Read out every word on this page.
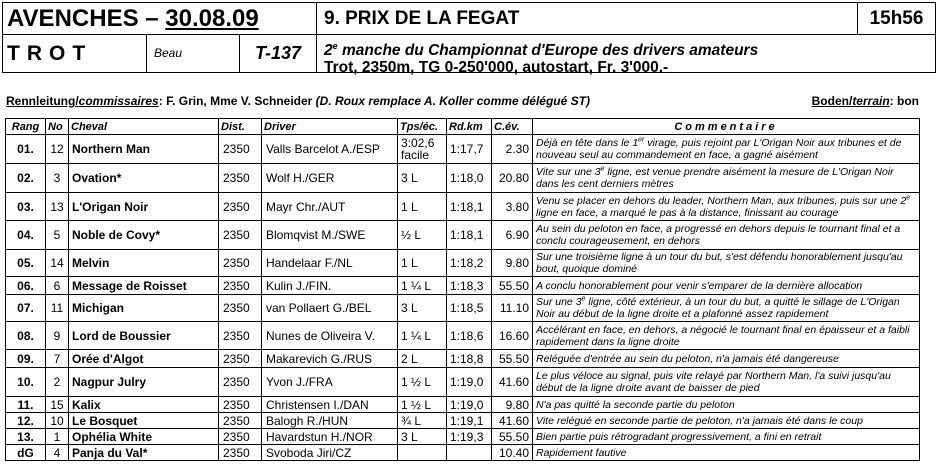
AVENCHES – 30.08.09	9. PRIX DE LA FEGAT	15h56
TROT	Beau	T-137	2e manche du Championnat d'Europe des drivers amateurs
Trot, 2350m, TG 0-250'000, autostart, Fr. 3'000.-
Rennleitung/commissaires: F. Grin, Mme V. Schneider (D. Roux remplace A. Koller comme délégué ST)	Boden/terrain: bon
Rang	No	Cheval	Dist.	Driver	Tps/éc.	Rd.km	C.év.	Commentaire
01.	12	Northern Man	2350	Valls Barcelot A./ESP	3:02,6 facile	1:17,7	2.30	Déjà en tête dans le 1er virage, puis rejoint par L'Origan Noir aux tribunes et de nouveau seul au commandement en face, a gagné aisément
02.	3	Ovation*	2350	Wolf H./GER	3 L	1:18,0	20.80	Vite sur une 3e ligne, est venue prendre aisément la mesure de L'Origan Noir dans les cent derniers mètres
03.	13	L'Origan Noir	2350	Mayr Chr./AUT	1 L	1:18,1	3.80	Venu se placer en dehors du leader, Northern Man, aux tribunes, puis sur une 2e ligne en face, a marqué le pas à la distance, finissant au courage
04.	5	Noble de Covy*	2350	Blomqvist M./SWE	½ L	1:18,1	6.90	Au sein du peloton en face, a progressé en dehors depuis le tournant final et a conclu courageusement, en dehors
05.	14	Melvin	2350	Handelaar F./NL	1 L	1:18,2	9.80	Sur une troisième ligne à un tour du but, s'est défendu honorablement jusqu'au bout, quoique dominé
06.	6	Message de Roisset	2350	Kulin J./FIN.	1 ¼ L	1:18,3	55.50	A conclu honorablement pour venir s'emparer de la dernière allocation
07.	11	Michigan	2350	van Pollaert G./BEL	3 L	1:18,5	11.10	Sur une 3e ligne, côté extérieur, à un tour du but, a quitté le sillage de L'Origan Noir au début de la ligne droite et a plafonné assez rapidement
08.	9	Lord de Boussier	2350	Nunes de Oliveira V.	1 ¼ L	1:18,6	16.60	Accélérant en face, en dehors, a négocié le tournant final en épaisseur et a faibli rapidement dans la ligne droite
09.	7	Orée d'Algot	2350	Makarevich G./RUS	2 L	1:18,8	55.50	Reléguée d'entrée au sein du peloton, n'a jamais été dangereuse
10.	2	Nagpur Julry	2350	Yvon J./FRA	1 ½ L	1:19,0	41.60	Le plus véloce au signal, puis vite relayé par Northern Man, l'a suivi jusqu'au début de la ligne droite avant de baisser de pied
11.	15	Kalix	2350	Christensen I./DAN	1 ½ L	1:19,0	9.80	N'a pas quitté la seconde partie du peloton
12.	10	Le Bosquet	2350	Balogh R./HUN	¾ L	1:19,1	41.60	Vite relégué en seconde partie de peloton, n'a jamais été dans le coup
13.	1	Ophélia White	2350	Havardstun H./NOR	3 L	1:19,3	55.50	Bien partie puis rétrogradant progressivement, a fini en retrait
dG	4	Panja du Val*	2350	Svoboda Jiri/CZ			10.40	Rapidement fautive
